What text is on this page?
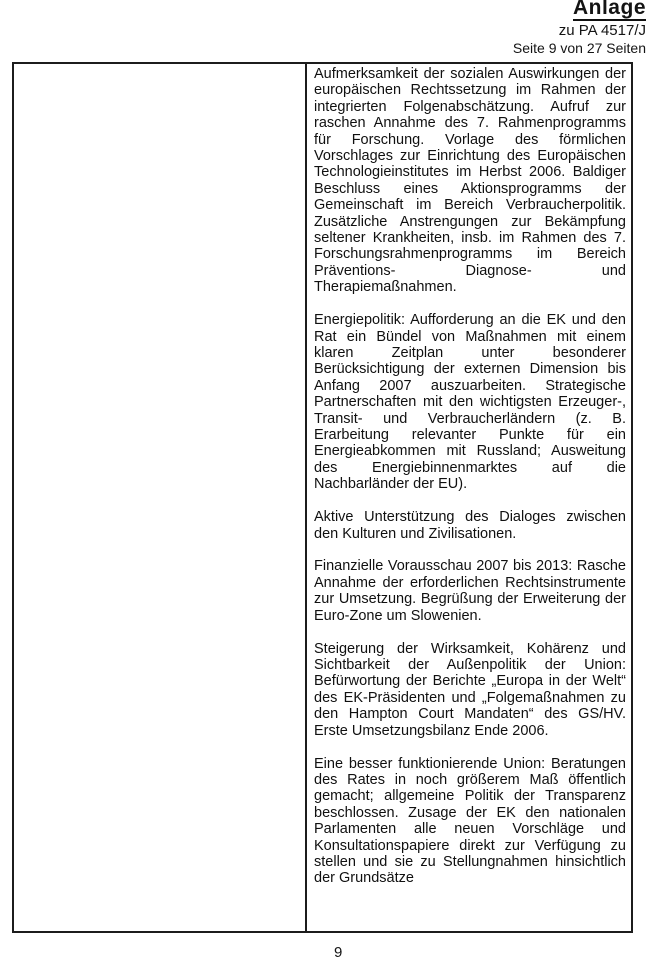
Anlage
zu PA 4517/J
Seite 9 von 27 Seiten

Aufmerksamkeit der sozialen Auswirkungen der europäischen Rechtssetzung im Rahmen der integrierten Folgenabschätzung. Aufruf zur raschen Annahme des 7. Rahmenprogramms für Forschung. Vorlage des förmlichen Vorschlages zur Einrichtung des Europäischen Technologieinstitutes im Herbst 2006. Baldiger Beschluss eines Aktionsprogramms der Gemeinschaft im Bereich Verbraucherpolitik. Zusätzliche Anstrengungen zur Bekämpfung seltener Krankheiten, insb. im Rahmen des 7. Forschungsrahmenprogramms im Bereich Präventions- Diagnose- und Therapiemaßnahmen.

Energiepolitik: Aufforderung an die EK und den Rat ein Bündel von Maßnahmen mit einem klaren Zeitplan unter besonderer Berücksichtigung der externen Dimension bis Anfang 2007 auszuarbeiten. Strategische Partnerschaften mit den wichtigsten Erzeuger-, Transit- und Verbraucherländern (z. B. Erarbeitung relevanter Punkte für ein Energieabkommen mit Russland; Ausweitung des Energiebinnenmarktes auf die Nachbarländer der EU).

Aktive Unterstützung des Dialoges zwischen den Kulturen und Zivilisationen.

Finanzielle Vorausschau 2007 bis 2013: Rasche Annahme der erforderlichen Rechtsinstrumente zur Umsetzung. Begrüßung der Erweiterung der Euro-Zone um Slowenien.

Steigerung der Wirksamkeit, Kohärenz und Sichtbarkeit der Außenpolitik der Union: Befürwortung der Berichte „Europa in der Welt“ des EK-Präsidenten und „Folgemaßnahmen zu den Hampton Court Mandaten“ des GS/HV. Erste Umsetzungsbilanz Ende 2006.

Eine besser funktionierende Union: Beratungen des Rates in noch größerem Maß öffentlich gemacht; allgemeine Politik der Transparenz beschlossen. Zusage der EK den nationalen Parlamenten alle neuen Vorschläge und Konsultationspapiere direkt zur Verfügung zu stellen und sie zu Stellungnahmen hinsichtlich der Grundsätze

9
